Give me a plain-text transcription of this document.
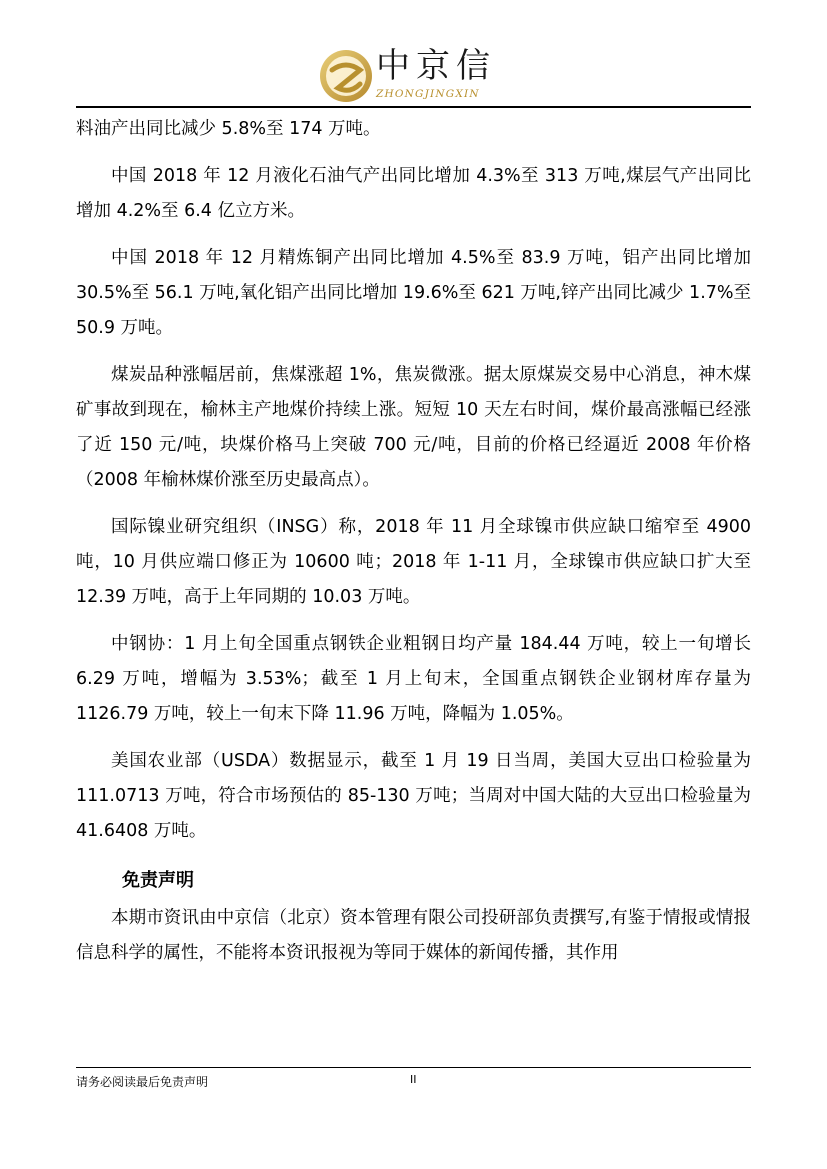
中京信
ZHONGJINGXIN

料油产出同比减少 5.8%至 174 万吨。

中国 2018 年 12 月液化石油气产出同比增加 4.3%至 313 万吨,煤层气产出同比增加 4.2%至 6.4 亿立方米。

中国 2018 年 12 月精炼铜产出同比增加 4.5%至 83.9 万吨，铝产出同比增加 30.5%至 56.1 万吨,氧化铝产出同比增加 19.6%至 621 万吨,锌产出同比减少 1.7%至 50.9 万吨。

煤炭品种涨幅居前，焦煤涨超 1%，焦炭微涨。据太原煤炭交易中心消息，神木煤矿事故到现在，榆林主产地煤价持续上涨。短短 10 天左右时间，煤价最高涨幅已经涨了近 150 元/吨，块煤价格马上突破 700 元/吨，目前的价格已经逼近 2008 年价格（2008 年榆林煤价涨至历史最高点）。

国际镍业研究组织（INSG）称，2018 年 11 月全球镍市供应缺口缩窄至 4900 吨，10 月供应端口修正为 10600 吨；2018 年 1-11 月，全球镍市供应缺口扩大至 12.39 万吨，高于上年同期的 10.03 万吨。

中钢协：1 月上旬全国重点钢铁企业粗钢日均产量 184.44 万吨，较上一旬增长 6.29 万吨，增幅为 3.53%；截至 1 月上旬末，全国重点钢铁企业钢材库存量为 1126.79 万吨，较上一旬末下降 11.96 万吨，降幅为 1.05%。

美国农业部（USDA）数据显示，截至 1 月 19 日当周，美国大豆出口检验量为 111.0713 万吨，符合市场预估的 85-130 万吨；当周对中国大陆的大豆出口检验量为 41.6408 万吨。

免责声明

本期市资讯由中京信（北京）资本管理有限公司投研部负责撰写,有鉴于情报或情报信息科学的属性，不能将本资讯报视为等同于媒体的新闻传播，其作用

请务必阅读最后免责声明	II
